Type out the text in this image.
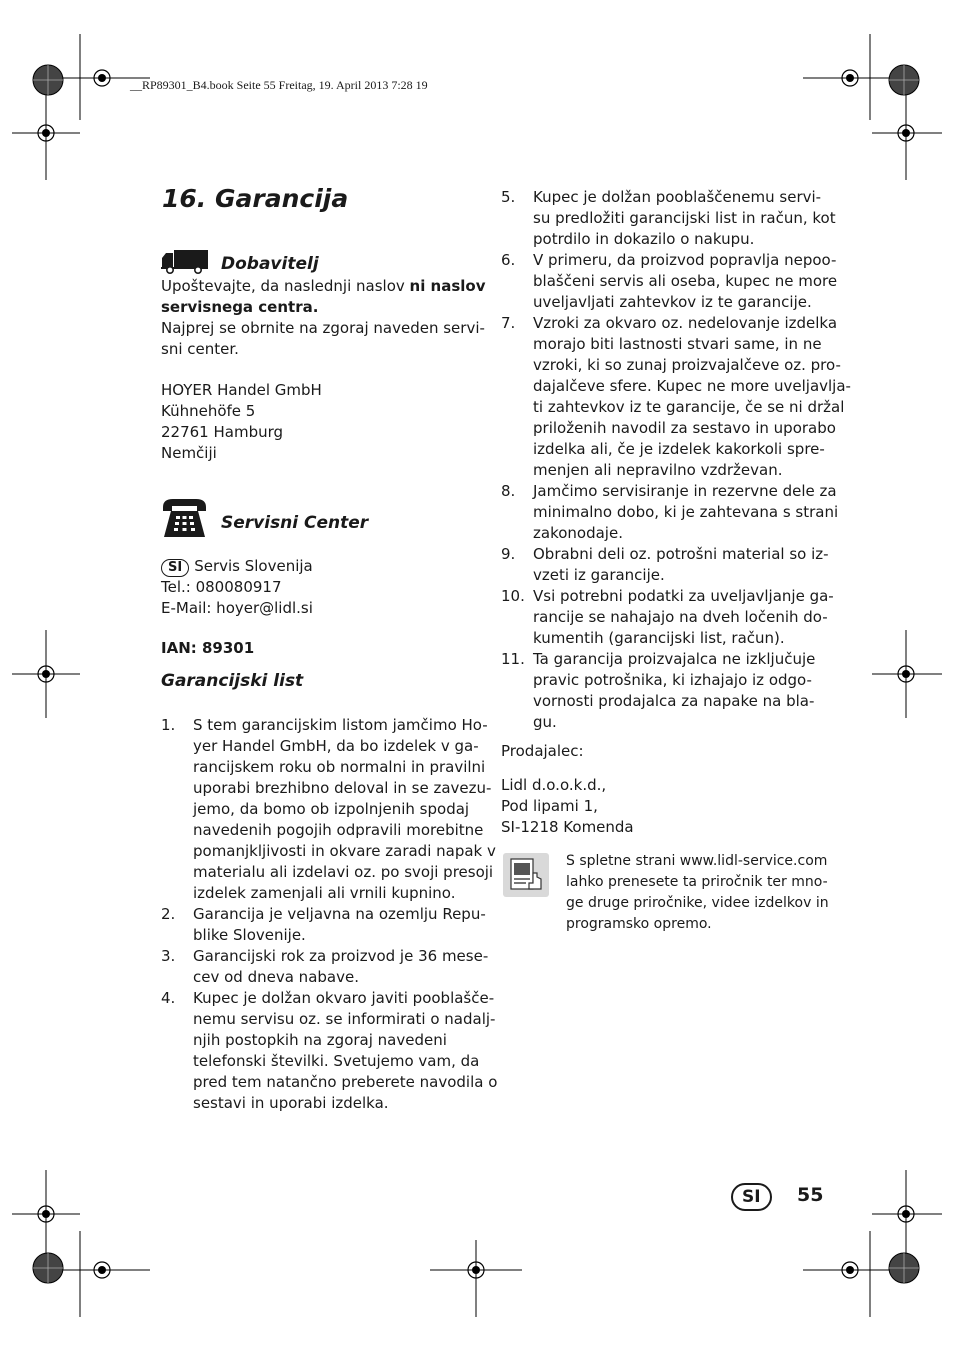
__RP89301_B4.book Seite 55 Freitag, 19. April 2013 7:28 19
16. Garancija
Dobavitelj
Upoštevajte, da naslednji naslov ni naslov
servisnega centra.
Najprej se obrnite na zgoraj naveden servi-
sni center.
HOYER Handel GmbH
Kühnehöfe 5
22761 Hamburg
Nemčiji
Servisni Center
SI Servis Slovenija
Tel.: 080080917
E-Mail: hoyer@lidl.si
IAN: 89301
Garancijski list
1. S tem garancijskim listom jamčimo Ho-
yer Handel GmbH, da bo izdelek v ga-
rancijskem roku ob normalni in pravilni
uporabi brezhibno deloval in se zavezu-
jemo, da bomo ob izpolnjenih spodaj
navedenih pogojih odpravili morebitne
pomanjkljivosti in okvare zaradi napak v
materialu ali izdelavi oz. po svoji presoji
izdelek zamenjali ali vrnili kupnino.
2. Garancija je veljavna na ozemlju Repu-
blike Slovenije.
3. Garancijski rok za proizvod je 36 mese-
cev od dneva nabave.
4. Kupec je dolžan okvaro javiti pooblašče-
nemu servisu oz. se informirati o nadalj-
njih postopkih na zgoraj navedeni
telefonski številki. Svetujemo vam, da
pred tem natančno preberete navodila o
sestavi in uporabi izdelka.
5. Kupec je dolžan pooblaščenemu servi-
su predložiti garancijski list in račun, kot
potrdilo in dokazilo o nakupu.
6. V primeru, da proizvod popravlja nepoo-
blaščeni servis ali oseba, kupec ne more
uveljavljati zahtevkov iz te garancije.
7. Vzroki za okvaro oz. nedelovanje izdelka
morajo biti lastnosti stvari same, in ne
vzroki, ki so zunaj proizvajalčeve oz. pro-
dajalčeve sfere. Kupec ne more uveljavlja-
ti zahtevkov iz te garancije, če se ni držal
priloženih navodil za sestavo in uporabo
izdelka ali, če je izdelek kakorkoli spre-
menjen ali nepravilno vzdrževan.
8. Jamčimo servisiranje in rezervne dele za
minimalno dobo, ki je zahtevana s strani
zakonodaje.
9. Obrabni deli oz. potrošni material so iz-
vzeti iz garancije.
10. Vsi potrebni podatki za uveljavljanje ga-
rancije se nahajajo na dveh ločenih do-
kumentih (garancijski list, račun).
11. Ta garancija proizvajalca ne izključuje
pravic potrošnika, ki izhajajo iz odgo-
vornosti prodajalca za napake na bla-
gu.
Prodajalec:
Lidl d.o.o.k.d.,
Pod lipami 1,
SI-1218 Komenda
S spletne strani www.lidl-service.com
lahko prenesete ta priročnik ter mno-
ge druge priročnike, videe izdelkov in
programsko opremo.
SI	55
